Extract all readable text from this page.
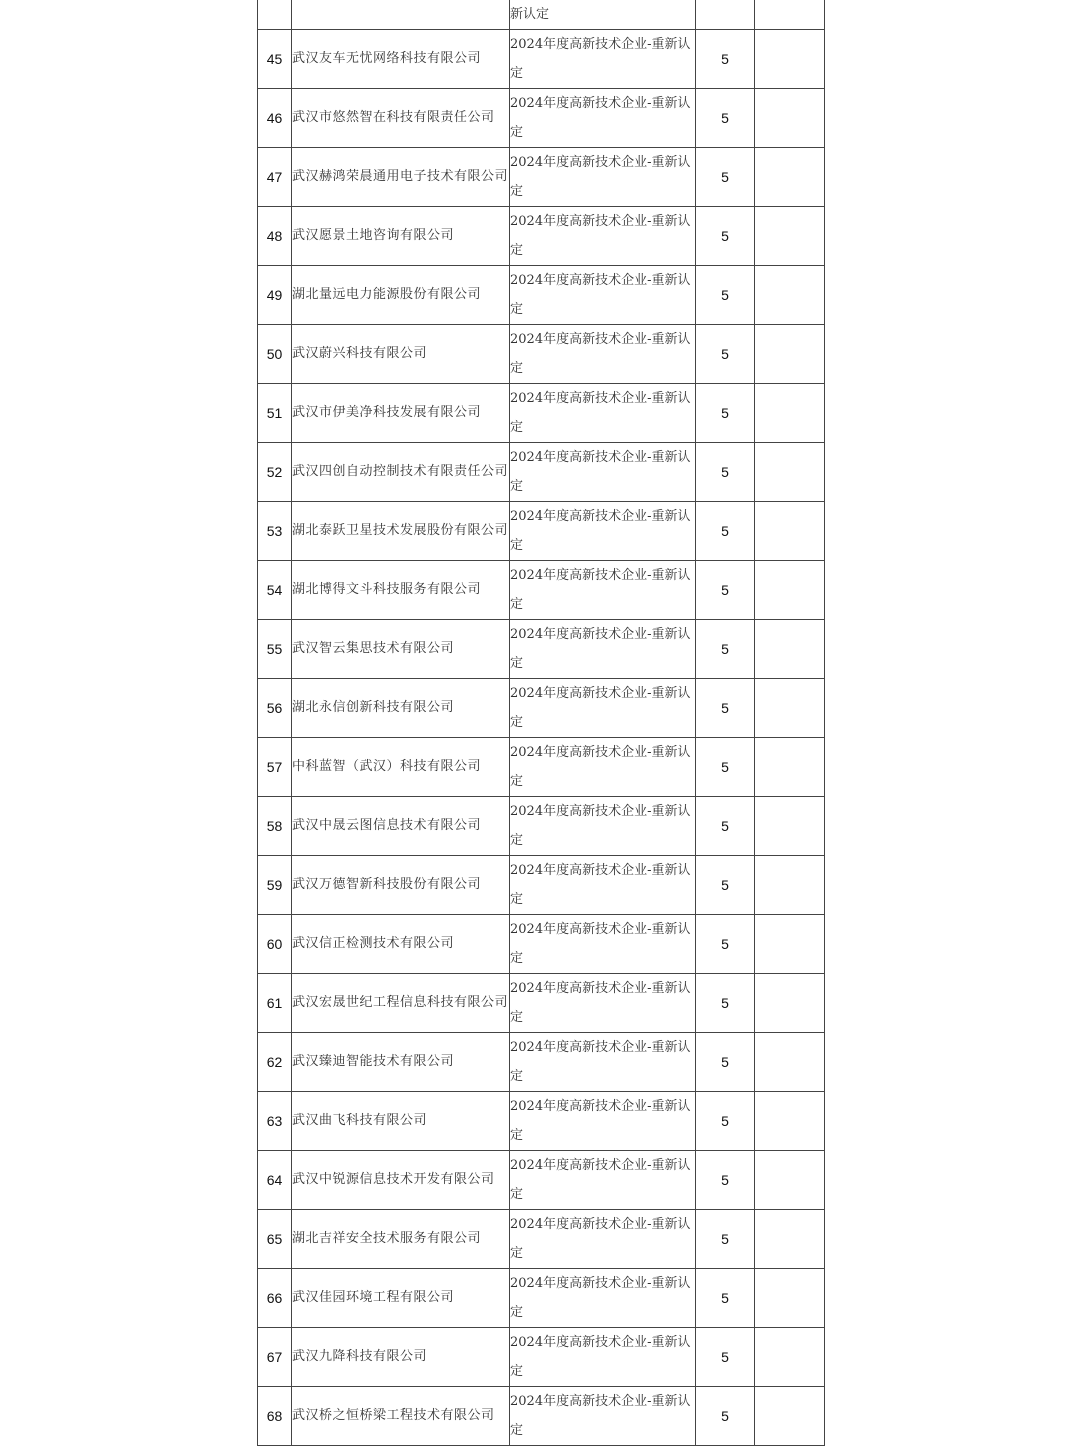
		新认定		

45	武汉友车无忧网络科技有限公司	2024年度高新技术企业-重新认定	5	
46	武汉市悠然智在科技有限责任公司	2024年度高新技术企业-重新认定	5	
47	武汉赫鸿荣晨通用电子技术有限公司	2024年度高新技术企业-重新认定	5	
48	武汉愿景土地咨询有限公司	2024年度高新技术企业-重新认定	5	
49	湖北量远电力能源股份有限公司	2024年度高新技术企业-重新认定	5	
50	武汉蔚兴科技有限公司	2024年度高新技术企业-重新认定	5	
51	武汉市伊美净科技发展有限公司	2024年度高新技术企业-重新认定	5	
52	武汉四创自动控制技术有限责任公司	2024年度高新技术企业-重新认定	5	
53	湖北泰跃卫星技术发展股份有限公司	2024年度高新技术企业-重新认定	5	
54	湖北博得文斗科技服务有限公司	2024年度高新技术企业-重新认定	5	
55	武汉智云集思技术有限公司	2024年度高新技术企业-重新认定	5	
56	湖北永信创新科技有限公司	2024年度高新技术企业-重新认定	5	
57	中科蓝智（武汉）科技有限公司	2024年度高新技术企业-重新认定	5	
58	武汉中晟云图信息技术有限公司	2024年度高新技术企业-重新认定	5	
59	武汉万德智新科技股份有限公司	2024年度高新技术企业-重新认定	5	
60	武汉信正检测技术有限公司	2024年度高新技术企业-重新认定	5	
61	武汉宏晟世纪工程信息科技有限公司	2024年度高新技术企业-重新认定	5	
62	武汉臻迪智能技术有限公司	2024年度高新技术企业-重新认定	5	
63	武汉曲飞科技有限公司	2024年度高新技术企业-重新认定	5	
64	武汉中锐源信息技术开发有限公司	2024年度高新技术企业-重新认定	5	
65	湖北吉祥安全技术服务有限公司	2024年度高新技术企业-重新认定	5	
66	武汉佳园环境工程有限公司	2024年度高新技术企业-重新认定	5	
67	武汉九降科技有限公司	2024年度高新技术企业-重新认定	5	
68	武汉桥之恒桥梁工程技术有限公司	2024年度高新技术企业-重新认定	5	
